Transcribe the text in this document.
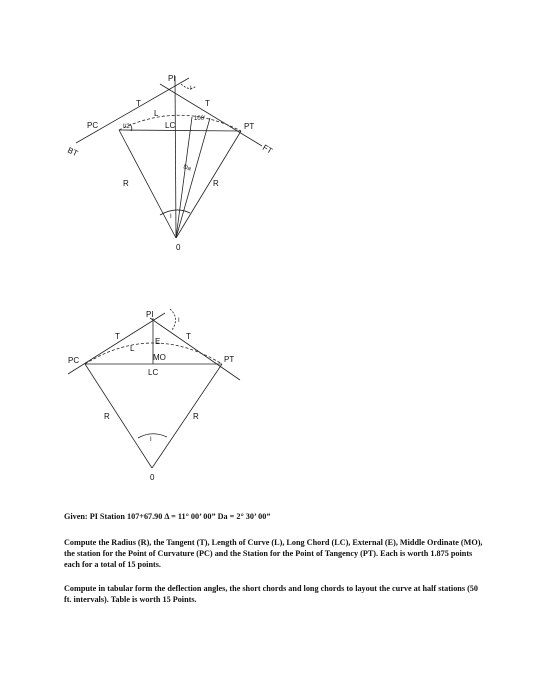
PI
PC	PT
BT	FT
T	T
L
LC
I/2
100'
Da
R	R
0
I
I
PI
PC	PT
T	T
L
E
MO
LC
R	R
0
I
I

Given: PI Station 107+67.90 Δ = 11° 00’ 00” Da = 2° 30’ 00”

Compute the Radius (R), the Tangent (T), Length of Curve (L), Long Chord (LC), External (E), Middle Ordinate (MO), the station for the Point of Curvature (PC) and the Station for the Point of Tangency (PT). Each is worth 1.875 points each for a total of 15 points.

Compute in tabular form the deflection angles, the short chords and long chords to layout the curve at half stations (50 ft. intervals). Table is worth 15 Points.
